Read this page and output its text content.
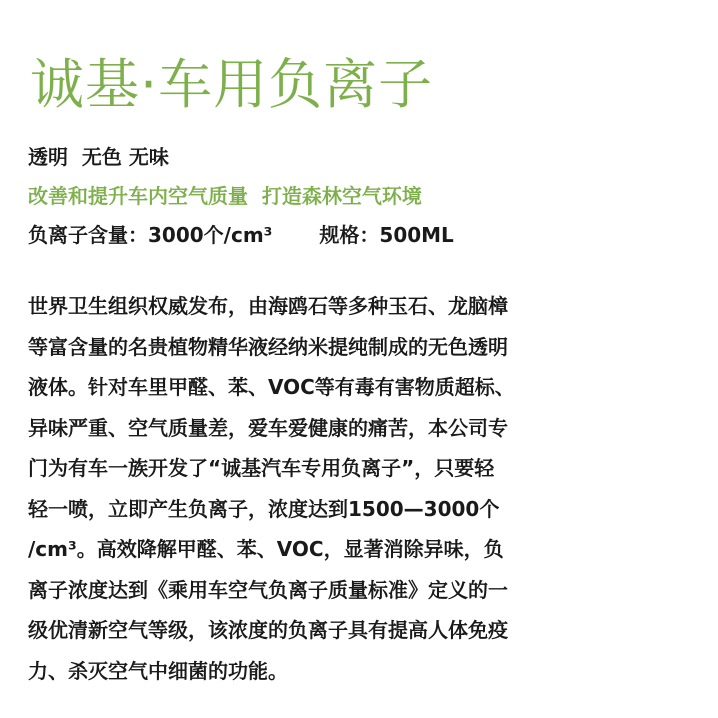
诚基·车用负离子
透明  无色 无味
改善和提升车内空气质量  打造森林空气环境
负离子含量：3000个/cm³ 规格：500ML
世界卫生组织权威发布，由海鸥石等多种玉石、龙脑樟
等富含量的名贵植物精华液经纳米提纯制成的无色透明
液体。针对车里甲醛、苯、VOC等有毒有害物质超标、
异味严重、空气质量差，爱车爱健康的痛苦，本公司专
门为有车一族开发了“诚基汽车专用负离子”，只要轻
轻一喷，立即产生负离子，浓度达到1500—3000个
/cm³。高效降解甲醛、苯、VOC，显著消除异味，负
离子浓度达到《乘用车空气负离子质量标准》定义的一
级优清新空气等级，该浓度的负离子具有提高人体免疫
力、杀灭空气中细菌的功能。
